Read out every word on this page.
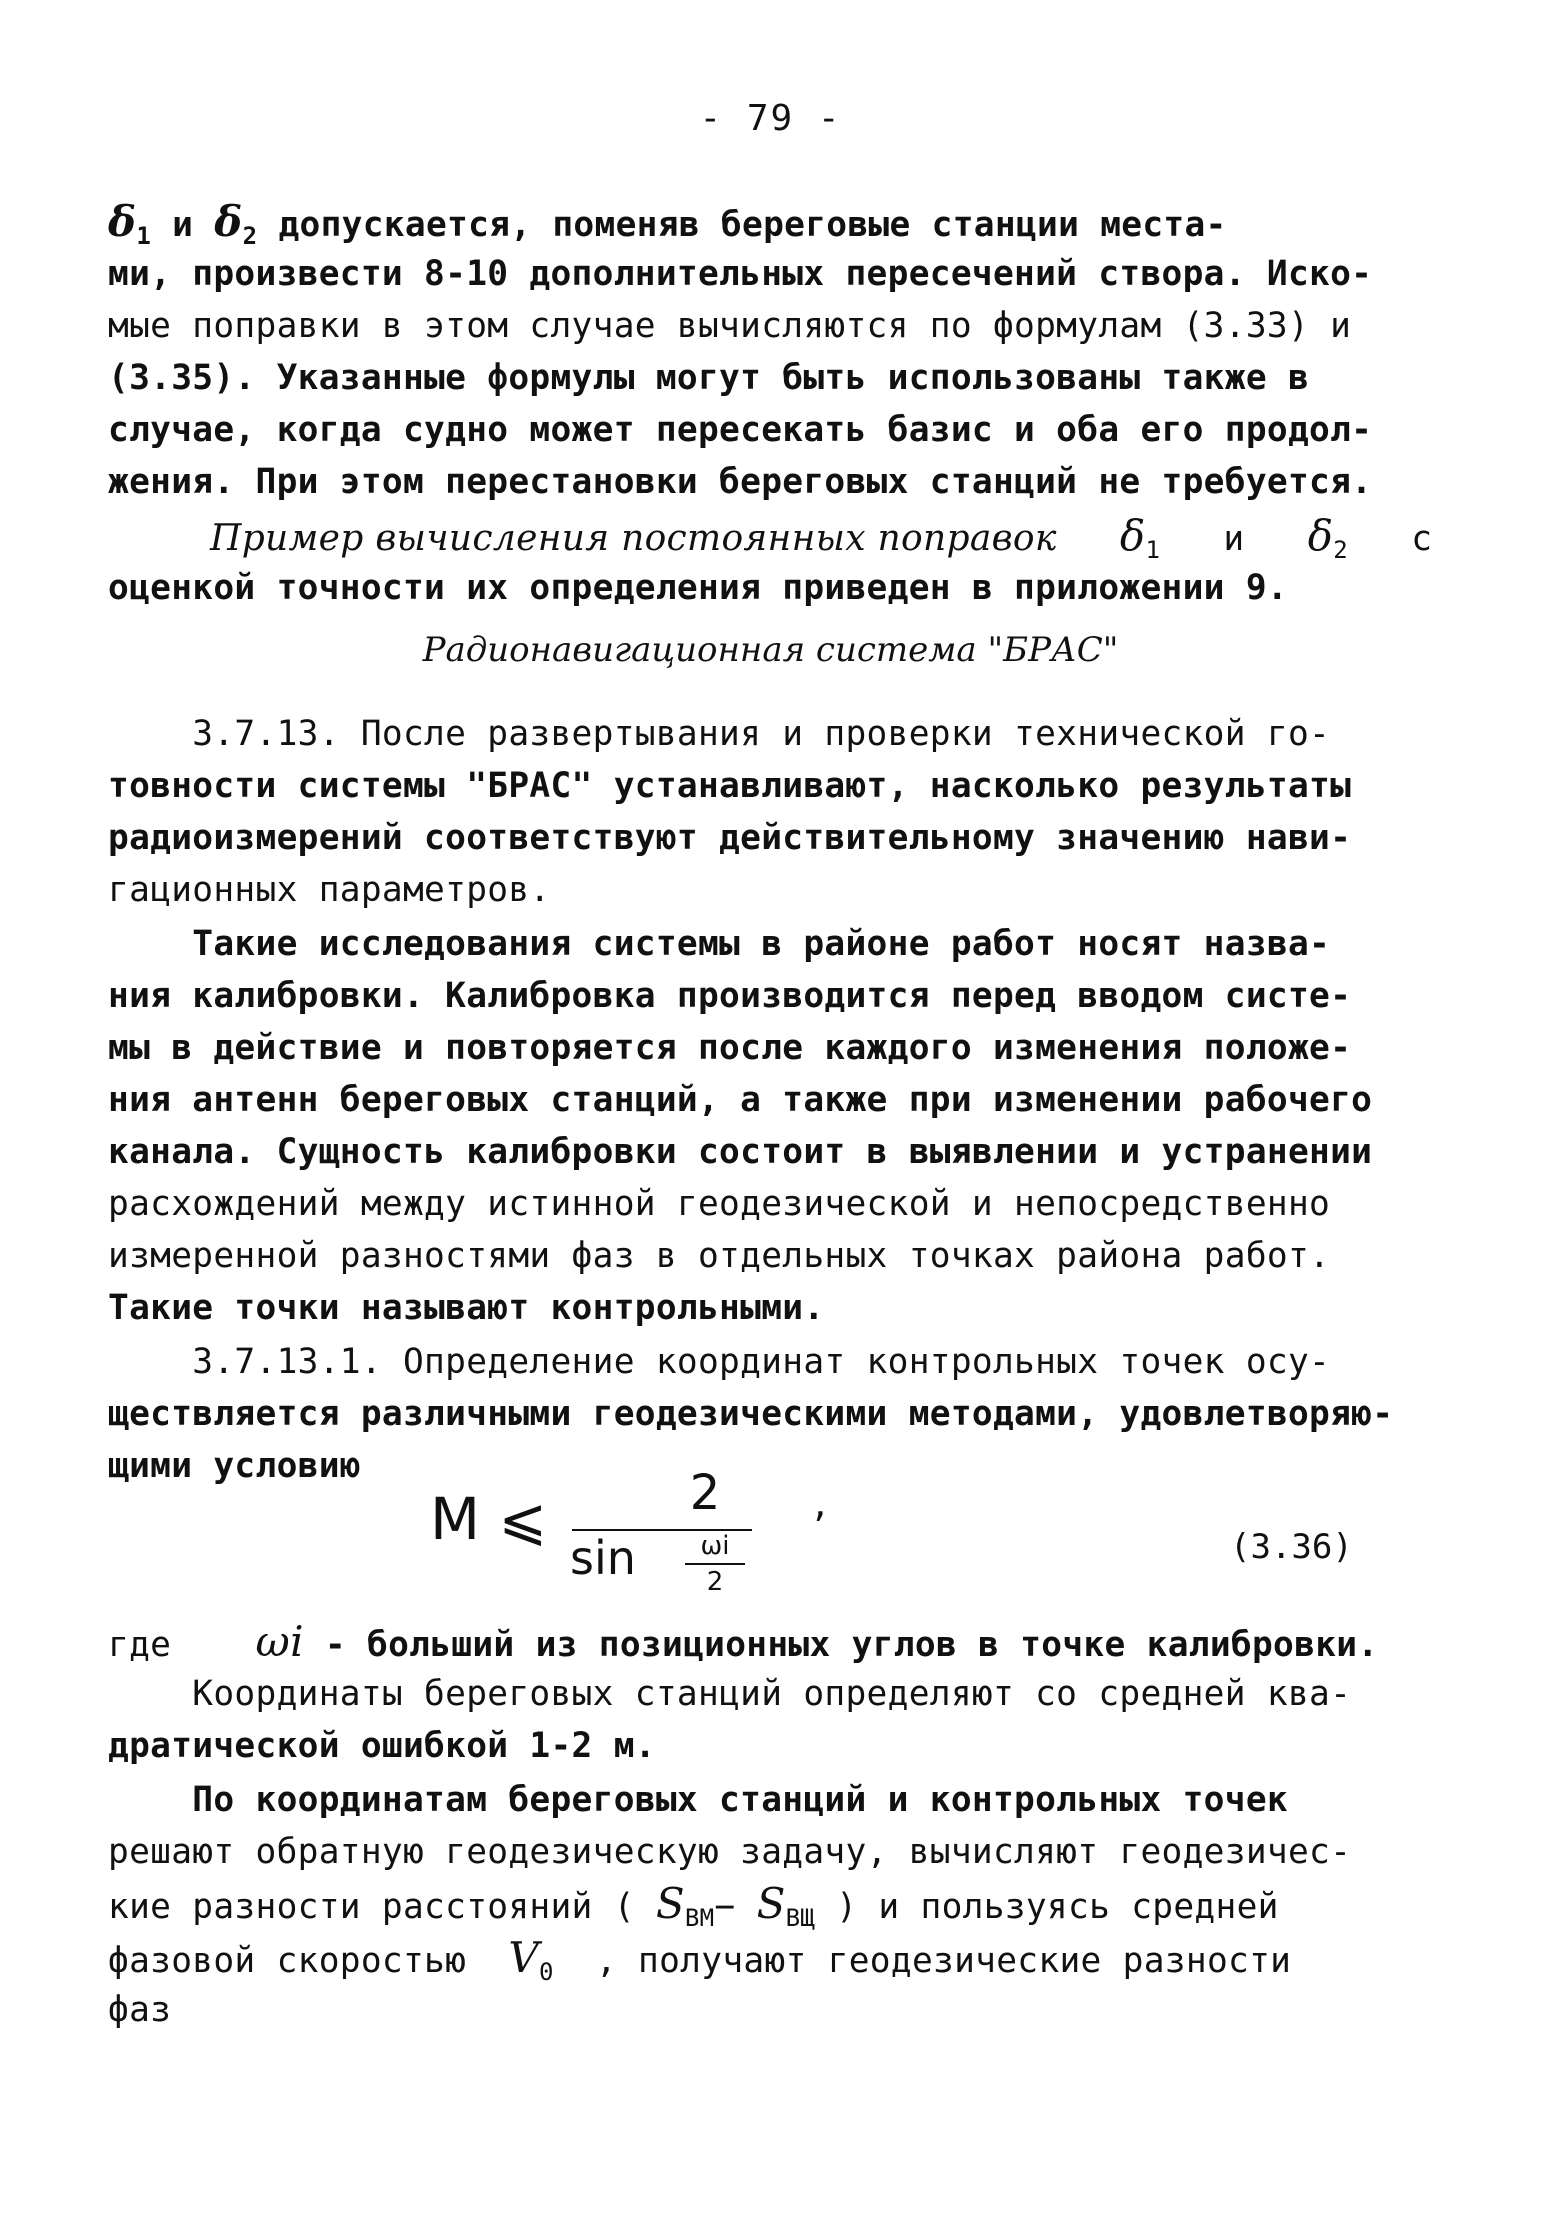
- 79 -
$\delta_1$ и $\delta_2$ допускается, поменяв береговые станции места-
ми, произвести 8-10 дополнительных пересечений створа. Иско-
мые поправки в этом случае вычисляются по формулам (3.33) и
(3.35). Указанные формулы могут быть использованы также в
случае, когда судно может пересекать базис и оба его продол-
жения. При этом перестановки береговых станций не требуется.
Пример вычисления постоянных поправок $\delta_1$ и $\delta_2$ с
оценкой точности их определения приведен в приложении 9.
Радионавигационная система "БРАС"
3.7.13. После развертывания и проверки технической го-
товности системы "БРАС" устанавливают, насколько результаты
радиоизмерений соответствуют действительному значению нави-
гационных параметров.
Такие исследования системы в районе работ носят назва-
ния калибровки. Калибровка производится перед вводом систе-
мы в действие и повторяется после каждого изменения положе-
ния антенн береговых станций, а также при изменении рабочего
канала. Сущность калибровки состоит в выявлении и устранении
расхождений между истинной геодезической и непосредственно
измеренной разностями фаз в отдельных точках района работ.
Такие точки называют контрольными.
3.7.13.1. Определение координат контрольных точек осу-
ществляется различными геодезическими методами, удовлетворяю-
щими условию
M ⩽	2
sin	ωi
2
,
(3.36)
где ωi - больший из позиционных углов в точке калибровки.
Координаты береговых станций определяют со средней ква-
дратической ошибкой 1-2 м.
По координатам береговых станций и контрольных точек
решают обратную геодезическую задачу, вычисляют геодезичес-
кие разности расстояний ( $S_{ВМ}- S_{ВЩ}$ ) и пользуясь средней
фазовой скоростью  $V_0$  , получают геодезические разности
фаз
